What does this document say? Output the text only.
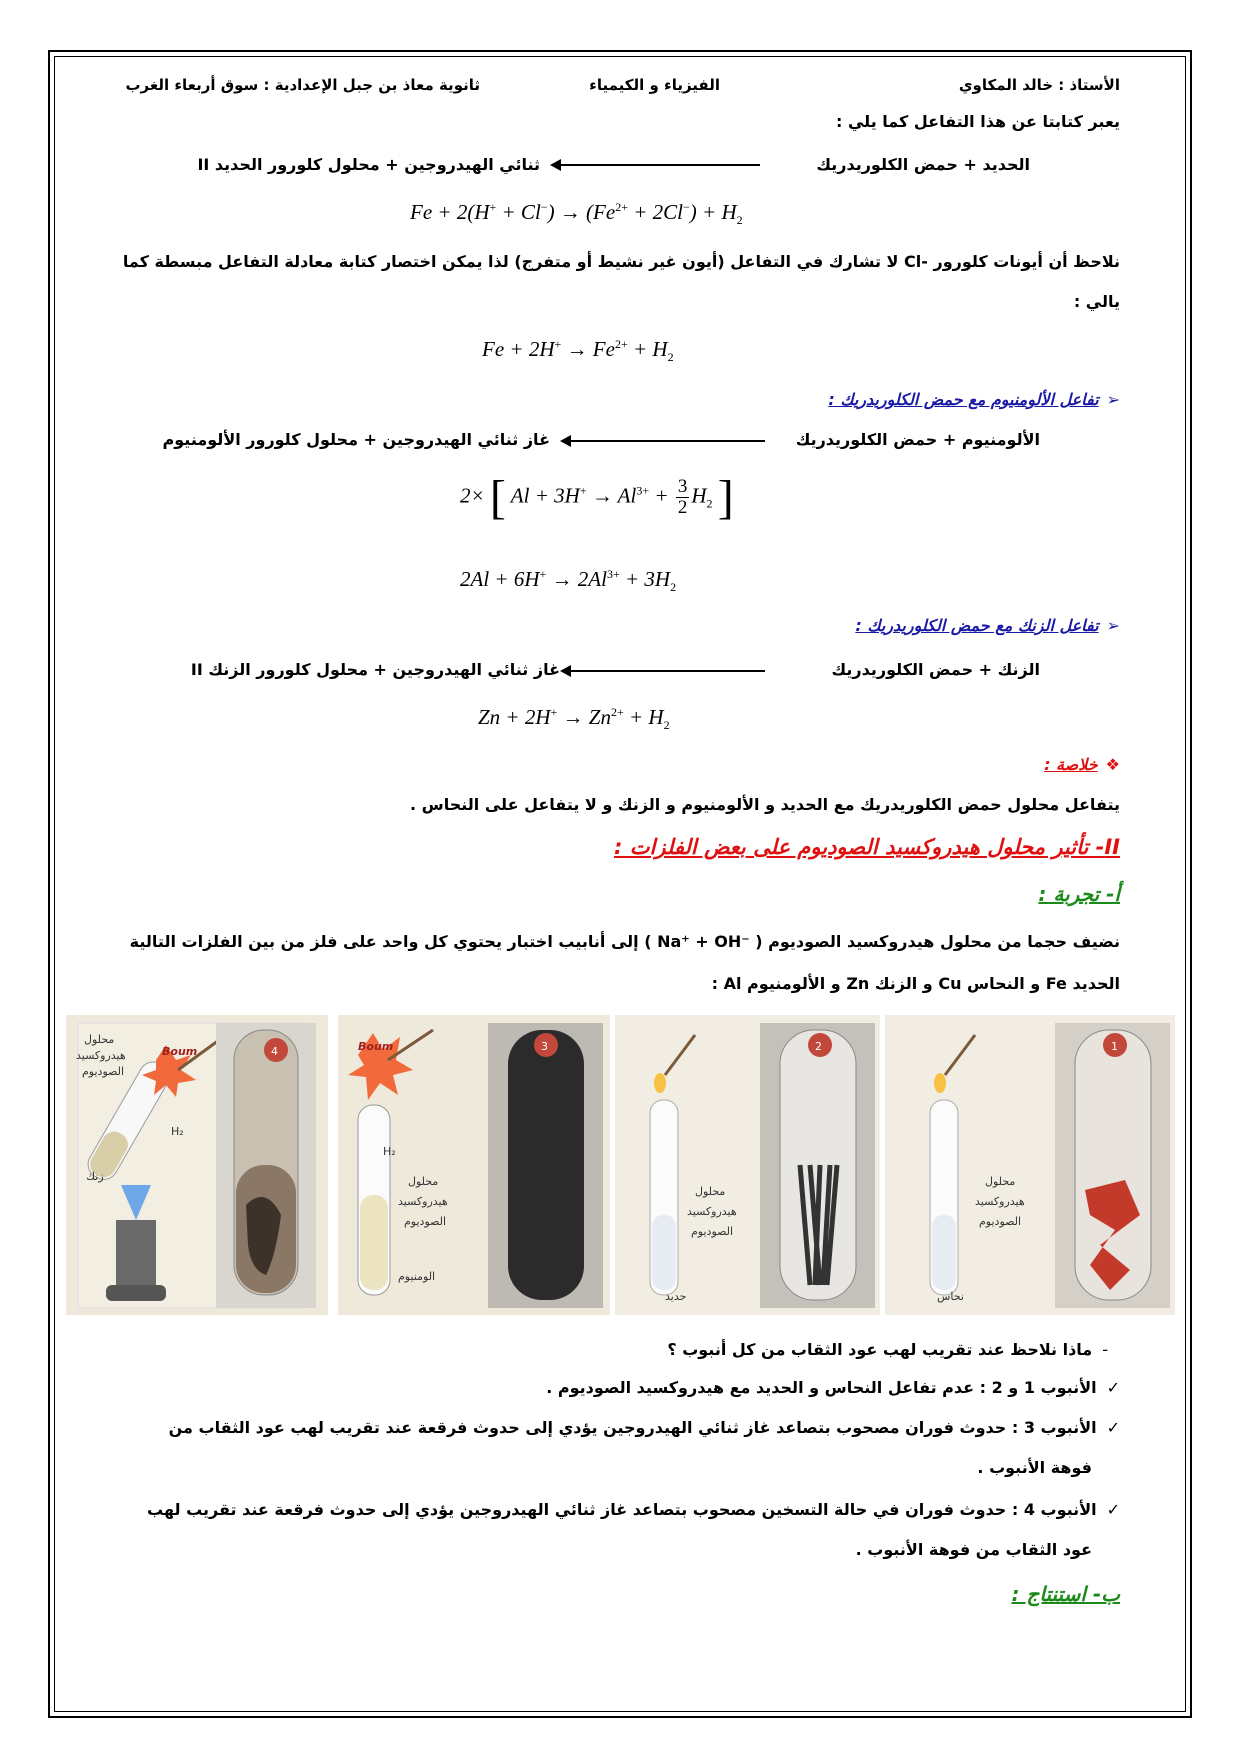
الأستاذ : خالد المكاوي
الفيزياء و الكيمياء
ثانوية معاذ بن جبل الإعدادية : سوق أربعاء الغرب
يعبر كتابتا عن هذا التفاعل كما يلي :
الحديد + حمض الكلوريدريك
ثنائي الهيدروجين + محلول كلورور الحديد II
$Fe + 2(H^+ + Cl^-) \to (Fe^{2+} + 2Cl^-) + H_2$
نلاحظ أن أيونات كلورور -Cl لا تشارك في التفاعل (أيون غير نشيط أو متفرج) لذا يمكن اختصار كتابة معادلة التفاعل مبسطة كما
يالي :
$Fe + 2H^+ \to Fe^{2+} + H_2$
➢تفاعل الألومنيوم مع حمض الكلوريدريك :
الألومنيوم + حمض الكلوريدريك
غاز ثنائي الهيدروجين + محلول كلورور الألومنيوم
2× [ $Al + 3H^+ \to Al^{3+} + \frac{3}{2} H_2$ ]
$2Al + 6H^+ \to 2Al^{3+} + 3H_2$
➢تفاعل الزنك مع حمض الكلوريدريك :
الزنك + حمض الكلوريدريك
غاز ثنائي الهيدروجين + محلول كلورور الزنك II
$Zn + 2H^+ \to Zn^{2+} + H_2$
❖خلاصة :
يتفاعل محلول حمض الكلوريدريك مع الحديد و الألومنيوم و الزنك و لا يتفاعل على النحاس .
II- تأثير محلول هيدروكسيد الصوديوم على بعض الفلزات :
أ- تجربة :
نضيف حجما من محلول هيدروكسيد الصوديوم ( ⁻Na⁺ + OH ) إلى أنابيب اختبار يحتوي كل واحد على فلز من بين الفلزات التالية
الحديد Fe و النحاس Cu و الزنك Zn و الألومنيوم Al :
Boum
H₂
محلول
هيدروكسيد
الصوديوم
زنك
4	Boum
H₂
محلول
هيدروكسيد
الصوديوم
الومنيوم
3
محلول
هيدروكسيد
الصوديوم
حديد
2
محلول
هيدروكسيد
الصوديوم
نحاس
1
-ماذا نلاحظ عند تقريب لهب عود الثقاب من كل أنبوب ؟
✓الأنبوب 1 و 2 : عدم تفاعل النحاس و الحديد مع هيدروكسيد الصوديوم .
✓الأنبوب 3 : حدوث فوران مصحوب بتصاعد غاز ثنائي الهيدروجين يؤدي إلى حدوث فرقعة عند تقريب لهب عود الثقاب من
فوهة الأنبوب .
✓الأنبوب 4 : حدوث فوران في حالة التسخين مصحوب بتصاعد غاز ثنائي الهيدروجين يؤدي إلى حدوث فرقعة عند تقريب لهب
عود الثقاب من فوهة الأنبوب .
ب- استنتاج :
